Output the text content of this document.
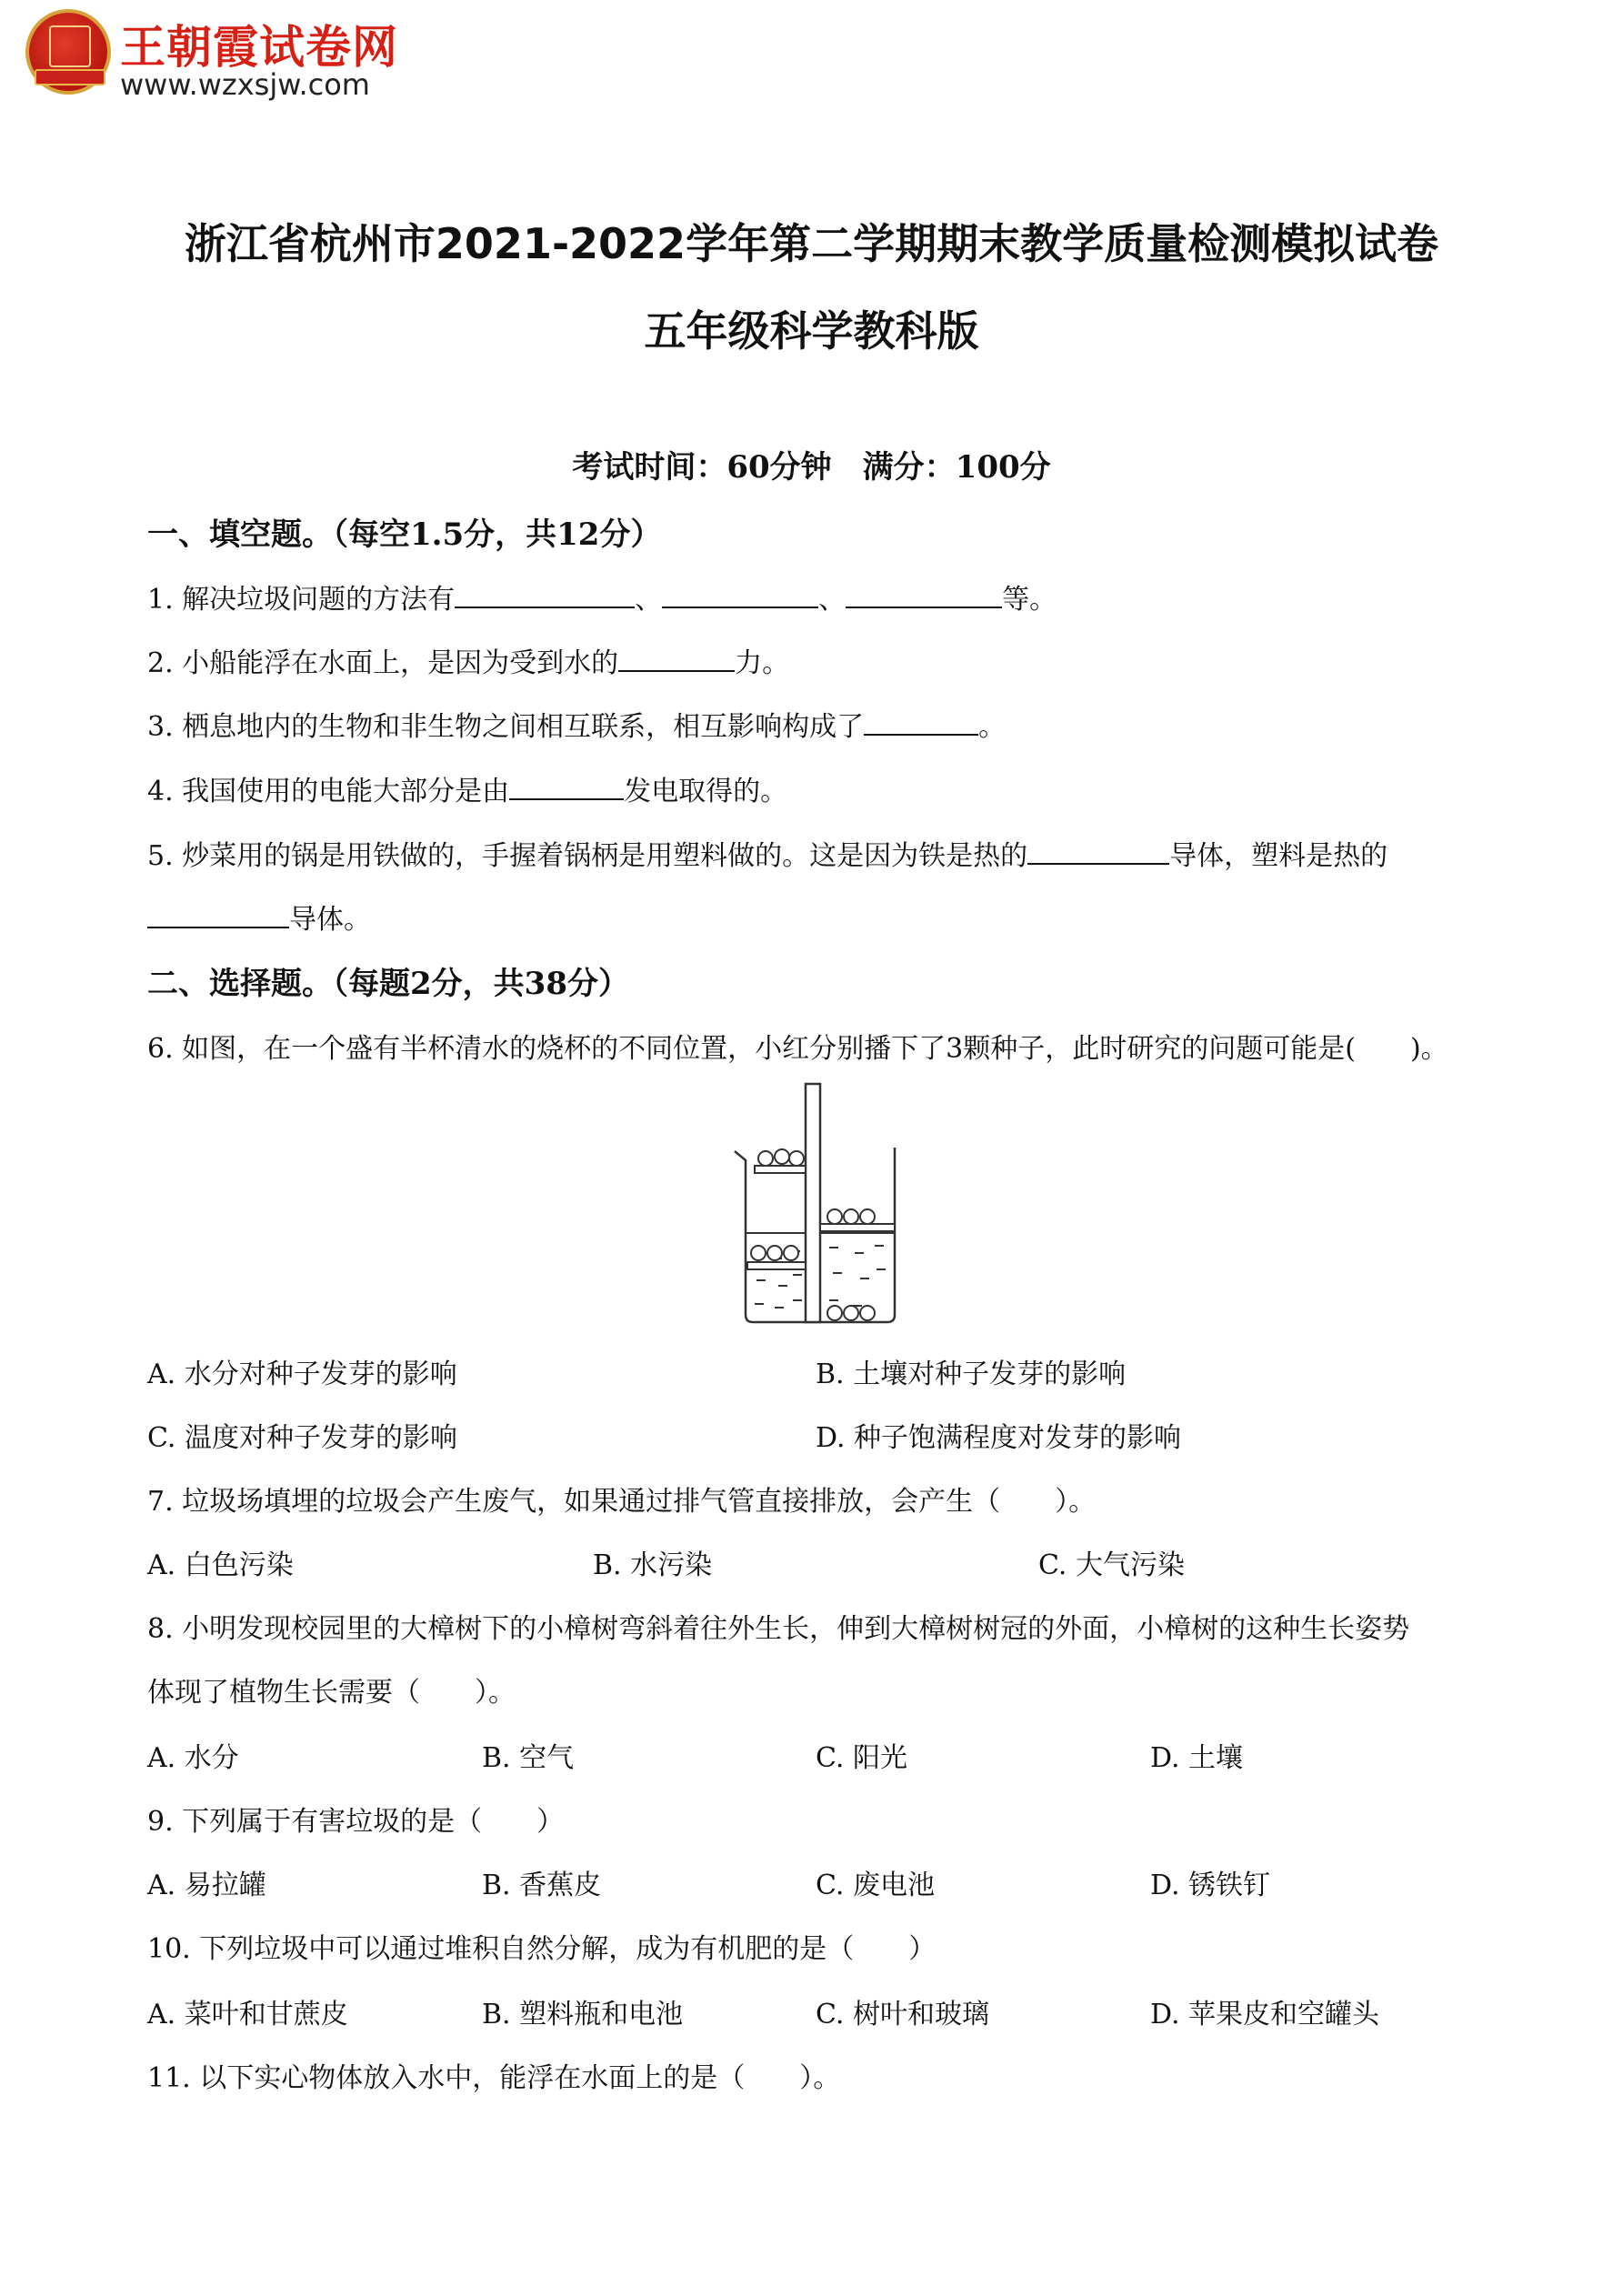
王朝霞试卷网
www.wzxsjw.com
浙江省杭州市2021-2022学年第二学期期末教学质量检测模拟试卷
五年级科学教科版
考试时间：60分钟　满分：100分
一、填空题。（每空1.5分，共12分）
1. 解决垃圾问题的方法有	、	、	等。
2. 小船能浮在水面上，是因为受到水的	力。
3. 栖息地内的生物和非生物之间相互联系，相互影响构成了	。
4. 我国使用的电能大部分是由	发电取得的。
5. 炒菜用的锅是用铁做的，手握着锅柄是用塑料做的。这是因为铁是热的	导体，塑料是热的
导体。
二、选择题。（每题2分，共38分）
6. 如图，在一个盛有半杯清水的烧杯的不同位置，小红分别播下了3颗种子，此时研究的问题可能是(　　)。
A. 水分对种子发芽的影响	B. 土壤对种子发芽的影响
C. 温度对种子发芽的影响	D. 种子饱满程度对发芽的影响
7. 垃圾场填埋的垃圾会产生废气，如果通过排气管直接排放，会产生（　　）。
A. 白色污染	B. 水污染	C. 大气污染
8. 小明发现校园里的大樟树下的小樟树弯斜着往外生长，伸到大樟树树冠的外面，小樟树的这种生长姿势
体现了植物生长需要（　　）。
A. 水分	B. 空气	C. 阳光	D. 土壤
9. 下列属于有害垃圾的是（　　）
A. 易拉罐	B. 香蕉皮	C. 废电池	D. 锈铁钉
10. 下列垃圾中可以通过堆积自然分解，成为有机肥的是（　　）
A. 菜叶和甘蔗皮	B. 塑料瓶和电池	C. 树叶和玻璃	D. 苹果皮和空罐头
11. 以下实心物体放入水中，能浮在水面上的是（　　）。
